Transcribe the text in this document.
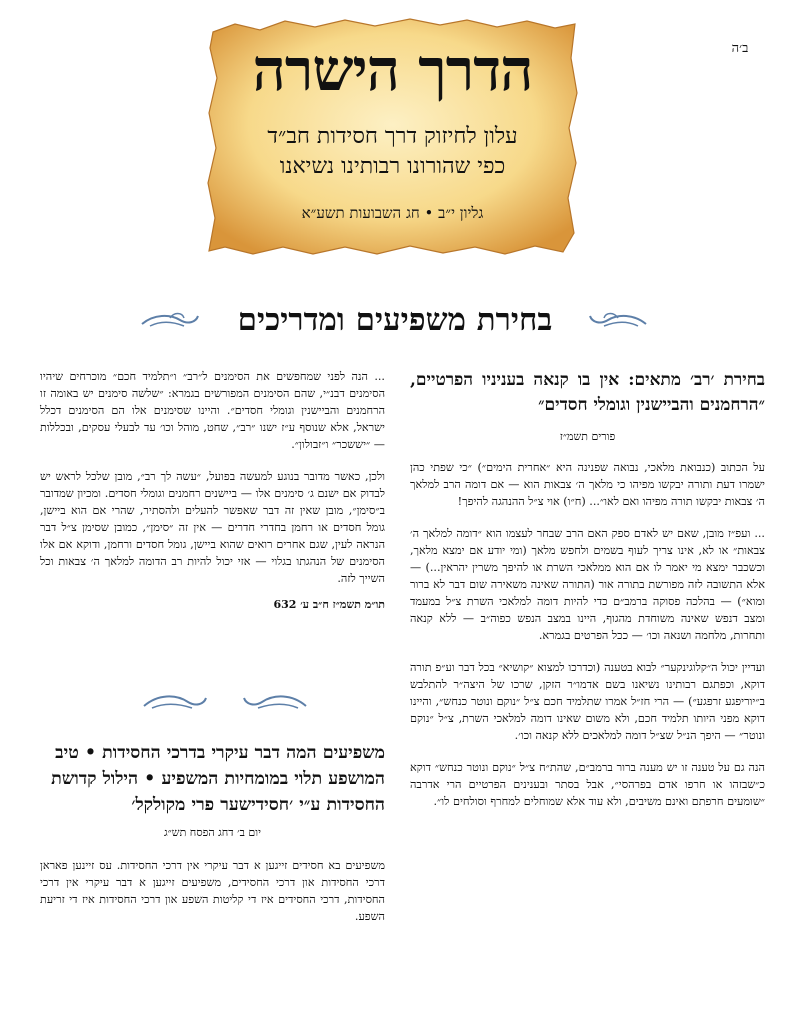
ב׳ה
הדרך הישרה
עלון לחיזוק דרך חסידות חב״ד
כפי שהורונו רבותינו נשיאנו
גליון י״ב • חג השבועות תשע״א
בחירת משפיעים ומדריכים
בחירת ׳רב׳ מתאים: אין בו קנאה בעניניו הפרטיים, ״הרחמנים והביישנין וגומלי חסדים״
פורים תשמ״ז

על הכתוב (כנבואת מלאכי, נבואה שפנינה היא ״אחרית הימים״) ״כי שפתי כהן ישמרו דעת ותורה יבקשו מפיהו כי מלאך ה׳ צבאות הוא — אם דומה הרב למלאך ה׳ צבאות יבקשו תורה מפיהו ואם לאו״... (ח״ו) אוי צ״ל ההנהגה להיפך!

... ועפ״ז מובן, שאם יש לאדם ספק האם הרב שבחר לעצמו הוא ״דומה למלאך ה׳ צבאות״ או לא, אינו צריך לעוף בשמים ולחפש מלאך (ומי יודע אם ימצא מלאך, וכשכבר ימצא מי יאמר לו אם הוא ממלאכי השרת או להיפך משרין יהראין...) — אלא התשובה לזה מפורשת בתורה אור (התורה שאינה משאירה שום דבר לא ברור ומוא״) — בהלכה פסוקה ברמב״ם כדי להיות דומה למלאכי השרת צ״ל במעמד ומצב דנפש שאינה משוחדת מהגוף, היינו במצב הנפש כפוה״ב — ללא קנאה ותחרות, מלחמה ושנאה וכו׳ — ככל הפרטים בגמרא.

ועדיין יכול ה״קלוגינקער״ לבוא בטענה (וכדרכו למצוא ״קושיא״ בכל דבר וע״פ תורה דוקא, וכפתגם רבותינו נשיאנו בשם אדמו״ר הזקן, שרכו של היצה״ר להתלבש ב״יוריפגע זרפגע״) — הרי חז״ל אמרו שתלמיד חכם צ״ל ״נוקם ונוטר כנחש״, והיינו דוקא מפני היותו תלמיד חכם, ולא משום שאינו דומה למלאכי השרת, צ״ל ״נוקם ונוטר״ — היפך הנ״ל שצ״ל דומה למלאכים ללא קנאה וכו׳.

הנה גם על טענה זו יש מענה ברור ברמב״ם, שהת״ח צ״ל ״נוקם ונוטר כנחש״ דוקא כ״שבזהו או חרפו אדם בפרהסי״, אבל בסתר ובענינים הפרטיים הרי אדרבה ״שומעים חרפתם ואינם משיבים, ולא עוד אלא שמוחלים למחרף וסולחים לו״.

... הנה לפני שמחפשים את הסימנים ל״רב״ ו״תלמיד חכם״ מוכרחים שיהיו הסימנים דבנ״י, שהם הסימנים המפורשים בגמרא: ״שלשה סימנים יש באומה זו הרחמנים והביישנין וגומלי חסדים״. והיינו שסימנים אלו הם הסימנים דכלל ישראל, אלא שנוסף ע״ז ישנו ״רב״, שחט, מוהל וכו׳ עד לבעלי עסקים, ובכללות — ״יששכר״ ו״זבולון״.

ולכן, כאשר מדובר בנוגע למעשה בפועל, ״עשה לך רב״, מובן שלכל לראש יש לבדוק אם ישנם ג׳ סימנים אלו — ביישנים רחמנים וגומלי חסדים. ומכיון שמדובר ב״סימן״, מובן שאין זה דבר שאפשר להעלים ולהסתיר, שהרי אם הוא ביישן, גומל חסדים או רחמן בחדרי חדרים — אין זה ״סימן״, כמובן שסימן צ״ל דבר הנראה לעין, שגם אחרים רואים שהוא ביישן, גומל חסדים ורחמן, ודוקא אם אלו הסימנים של הנהגתו בגלוי — אזי יכול להיות רב הדומה למלאך ה׳ צבאות וכל השייך לזה.

תו״מ תשמ״ז ח״ב ע׳ 632
משפיעים המה דבר עיקרי בדרכי החסידות • טיב המושפע תלוי במומחיות המשפיע • הילול קדושת החסידות ע״י ׳חסידישער פרי מקולקל׳
יום ב׳ דחג הפסח תש״ג

משפיעים בא חסידים זייגען א דבר עיקרי אין דרכי החסידות. עס זיינען פאראן דרכי החסידות און דרכי החסידים, משפיעים זייגען א דבר עיקרי אין דרכי החסידות, דרכי החסידים איז די קליטות השפע און דרכי החסידות איז די זריעת השפע.
